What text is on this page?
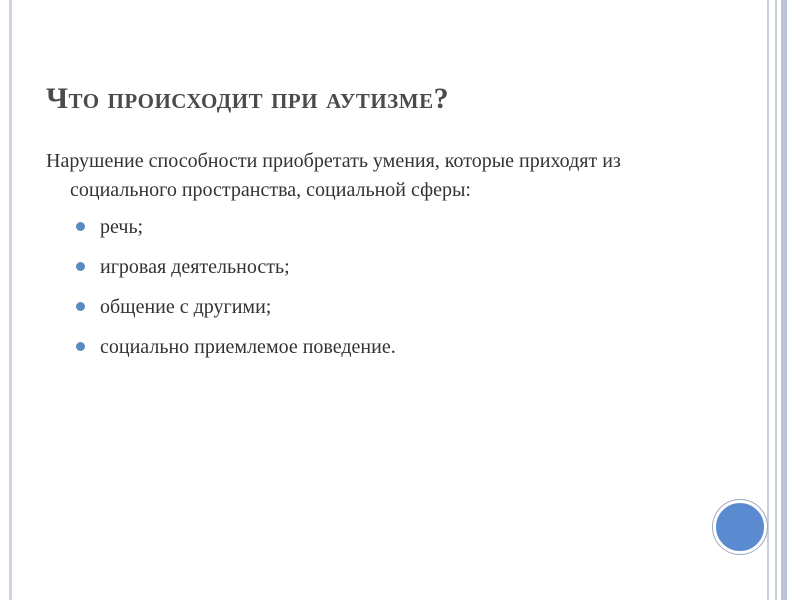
Что происходит при аутизме?

Нарушение способности приобретать умения, которые приходят из социального пространства, социальной сферы:

речь;
игровая деятельность;
общение с другими;
социально приемлемое поведение.
